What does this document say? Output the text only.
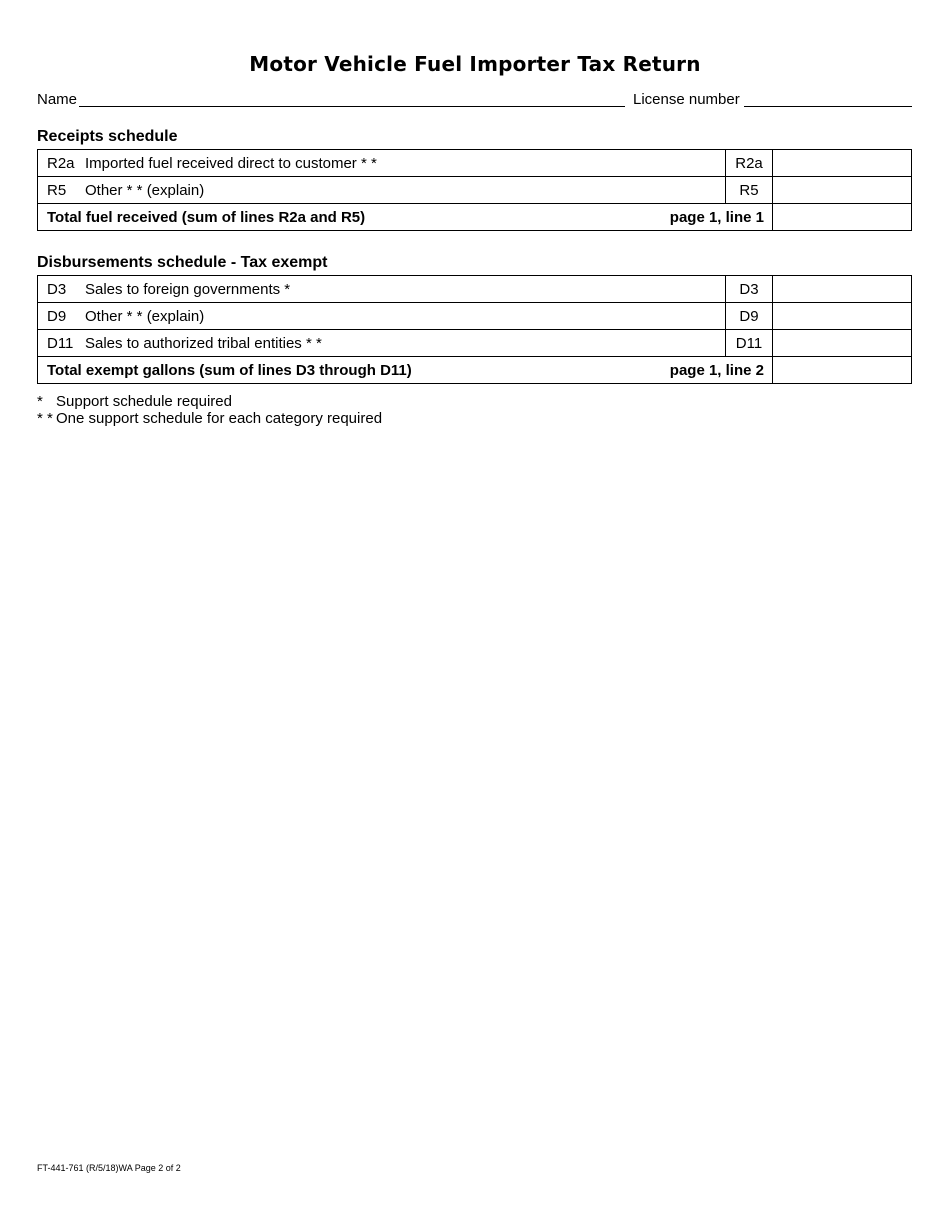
Motor Vehicle Fuel Importer Tax Return
Name	License number
Receipts schedule
R2a Imported fuel received direct to customer * *		R2a	
R5 Other * * (explain)		R5	
Total fuel received (sum of lines R2a and R5)	page 1, line 1		
Disbursements schedule - Tax exempt
D3 Sales to foreign governments *		D3	
D9 Other * * (explain)		D9	
D11 Sales to authorized tribal entities * *		D11	
Total exempt gallons (sum of lines D3 through D11)	page 1, line 2		
* Support schedule required
* * One support schedule for each category required
FT-441-761 (R/5/18)WA Page 2 of 2
